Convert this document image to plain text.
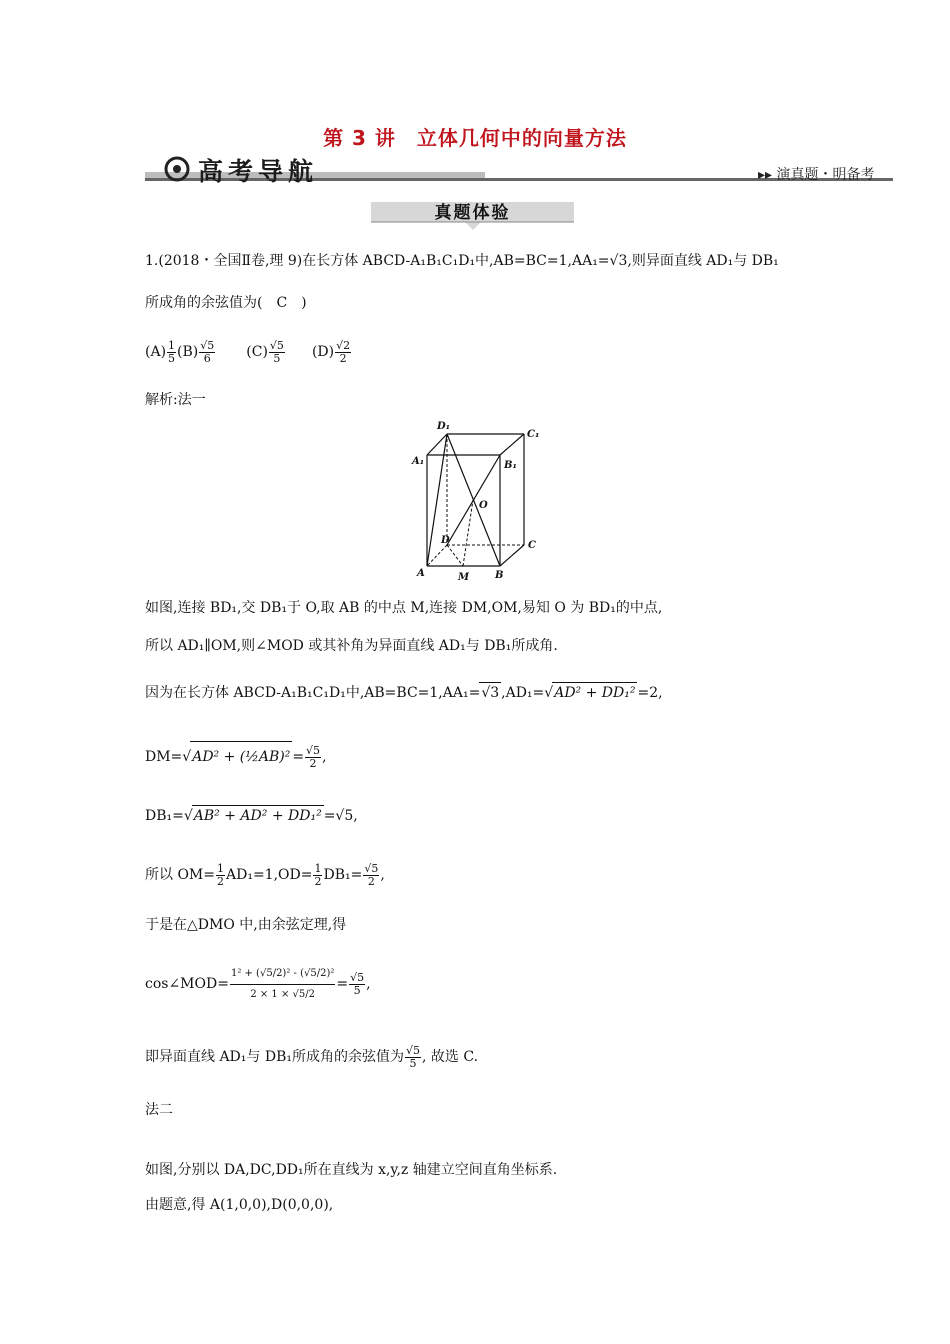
第 3 讲　立体几何中的向量方法
高考导航	▸▸ 演真题・明备考
真题体验
1.(2018・全国Ⅱ卷,理 9)在长方体 ABCD-A₁B₁C₁D₁中,AB=BC=1,AA₁=√3,则异面直线 AD₁与 DB₁
所成角的余弦值为(　C　)
$(A) \frac{1}{5} (B) \frac{√5}{6} (C) \frac{√5}{5} (D) \frac{√2}{2}$
解析:法一
D₁
C₁
A₁	B₁
O
D	C
A	M	B
如图,连接 BD₁,交 DB₁于 O,取 AB 的中点 M,连接 DM,OM,易知 O 为 BD₁的中点,
所以 AD₁∥OM,则∠MOD 或其补角为异面直线 AD₁与 DB₁所成角.
因为在长方体 ABCD-A₁B₁C₁D₁中,AB=BC=1,AA₁=√3 ,AD₁=√AD² + DD₁² =2,
DM=√AD² + (½AB)² = $\frac{√5}{2}$ ,
DB₁=√AB² + AD² + DD₁² =√5,
所以 $OM= \frac{1}{2} AD_1=1,OD= \frac{1}{2} DB_1= \frac{√5}{2}$ ,
于是在△DMO 中,由余弦定理,得
cos∠MOD= $\frac{\text{1² + (√5/2)² - (√5/2)²}}{2 \times 1 \times √5/2} = \frac{√5}{5}$ ,
即异面直线 AD₁与 DB₁所成角的余弦值为 $\frac{√5}{5}$ , 故选 C.
法二
如图,分别以 DA,DC,DD₁所在直线为 x,y,z 轴建立空间直角坐标系.
由题意,得 A(1,0,0),D(0,0,0),
